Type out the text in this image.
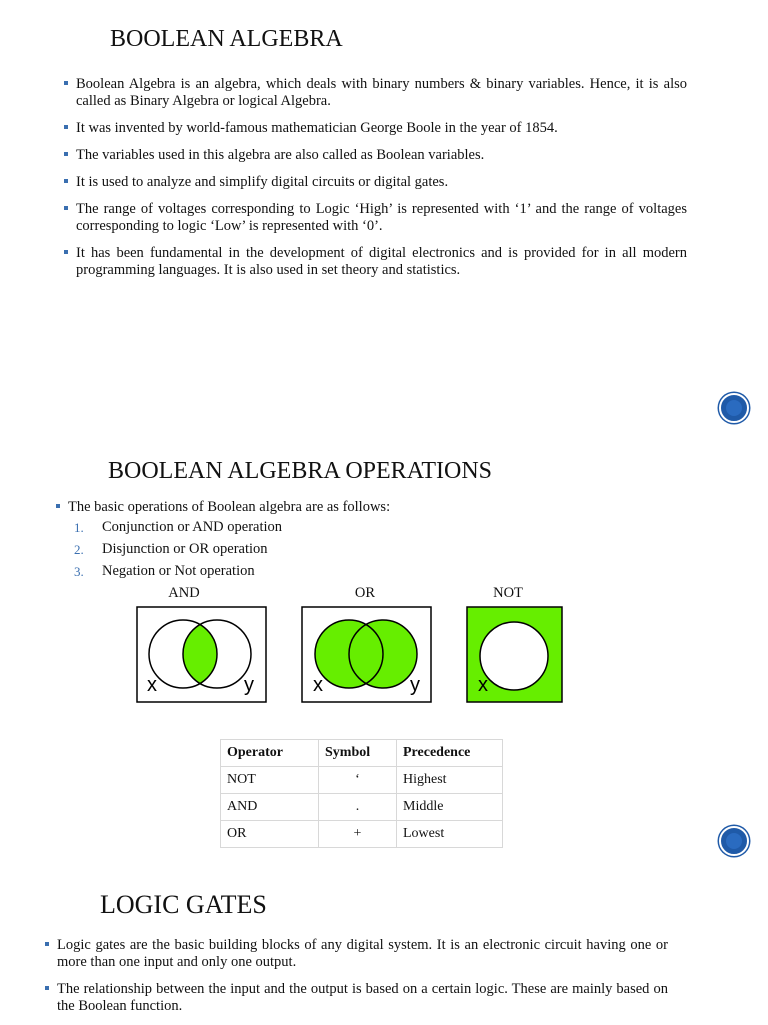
BOOLEAN ALGEBRA
Boolean Algebra is an algebra, which deals with binary numbers & binary variables. Hence, it is also called as Binary Algebra or logical Algebra.
It was invented by world-famous mathematician George Boole in the year of 1854.
The variables used in this algebra are also called as Boolean variables.
It is used to analyze and simplify digital circuits or digital gates.
The range of voltages corresponding to Logic ‘High’ is represented with ‘1’ and the range of voltages corresponding to logic ‘Low’ is represented with ‘0’.
It has been fundamental in the development of digital electronics and is provided for in all modern programming languages. It is also used in set theory and statistics.
BOOLEAN ALGEBRA OPERATIONS
The basic operations of Boolean algebra are as follows:
1. Conjunction or AND operation
2. Disjunction or OR operation
3. Negation or Not operation
AND	OR	NOT
x	y	x	y	x
Operator	Symbol	Precedence
NOT	‘	Highest
AND	.	Middle
OR	+	Lowest
LOGIC GATES
Logic gates are the basic building blocks of any digital system. It is an electronic circuit having one or more than one input and only one output.
The relationship between the input and the output is based on a certain logic. These are mainly based on the Boolean function.
